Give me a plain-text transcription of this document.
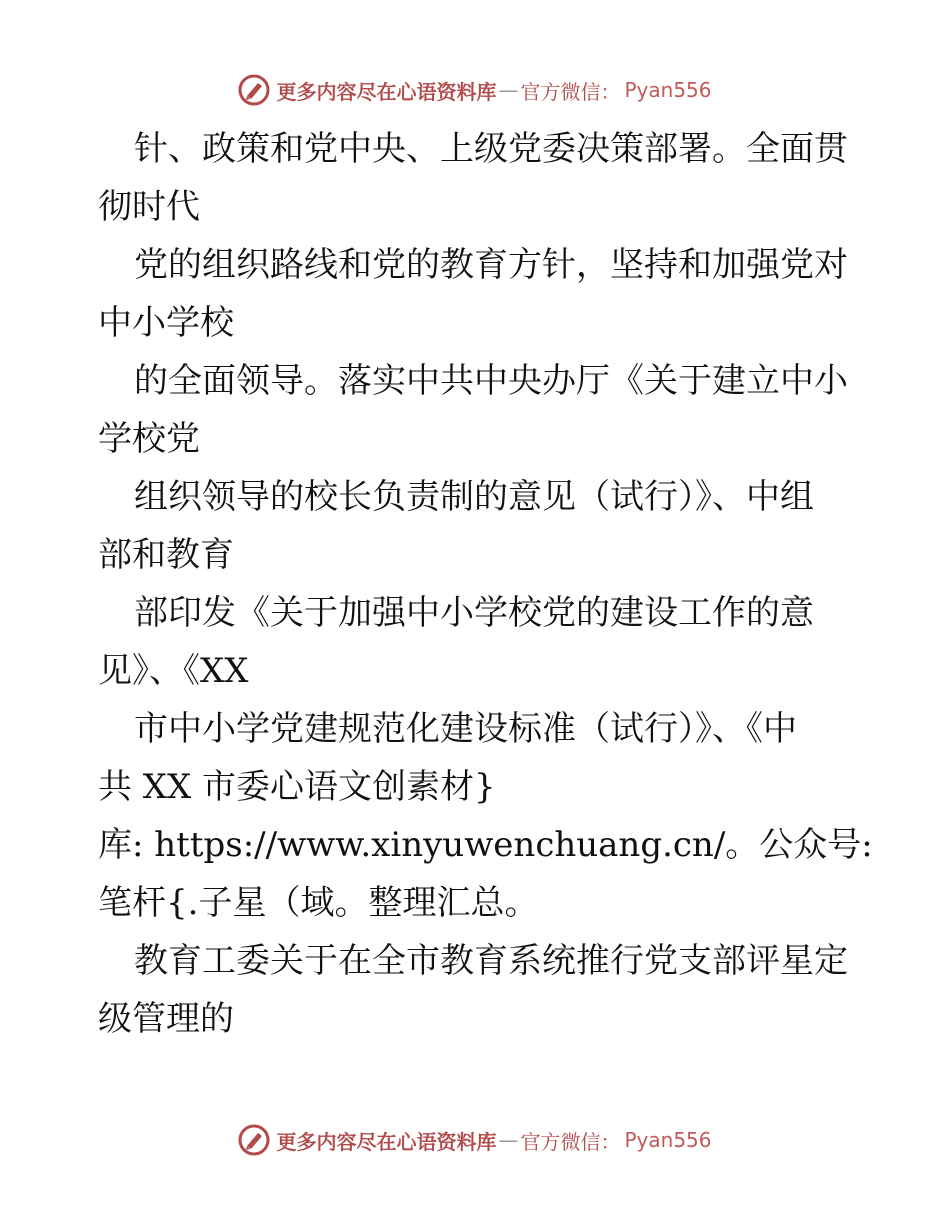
更多内容尽在心语资料库 — 官方微信： Pyan556

针、政策和党中央、上级党委决策部署。全面贯

彻时代

党的组织路线和党的教育方针，坚持和加强党对

中小学校

的全面领导。落实中共中央办厅《关于建立中小

学校党

组织领导的校长负责制的意见（试行）》、中组

部和教育

部印发《关于加强中小学校党的建设工作的意

见》、《XX

市中小学党建规范化建设标准（试行）》、《中

共 XX 市委心语文创素材}

库: https://www.xinyuwenchuang.cn/。公众号:

笔杆{.子星（域。整理汇总。

教育工委关于在全市教育系统推行党支部评星定

级管理的

更多内容尽在心语资料库 — 官方微信： Pyan556
